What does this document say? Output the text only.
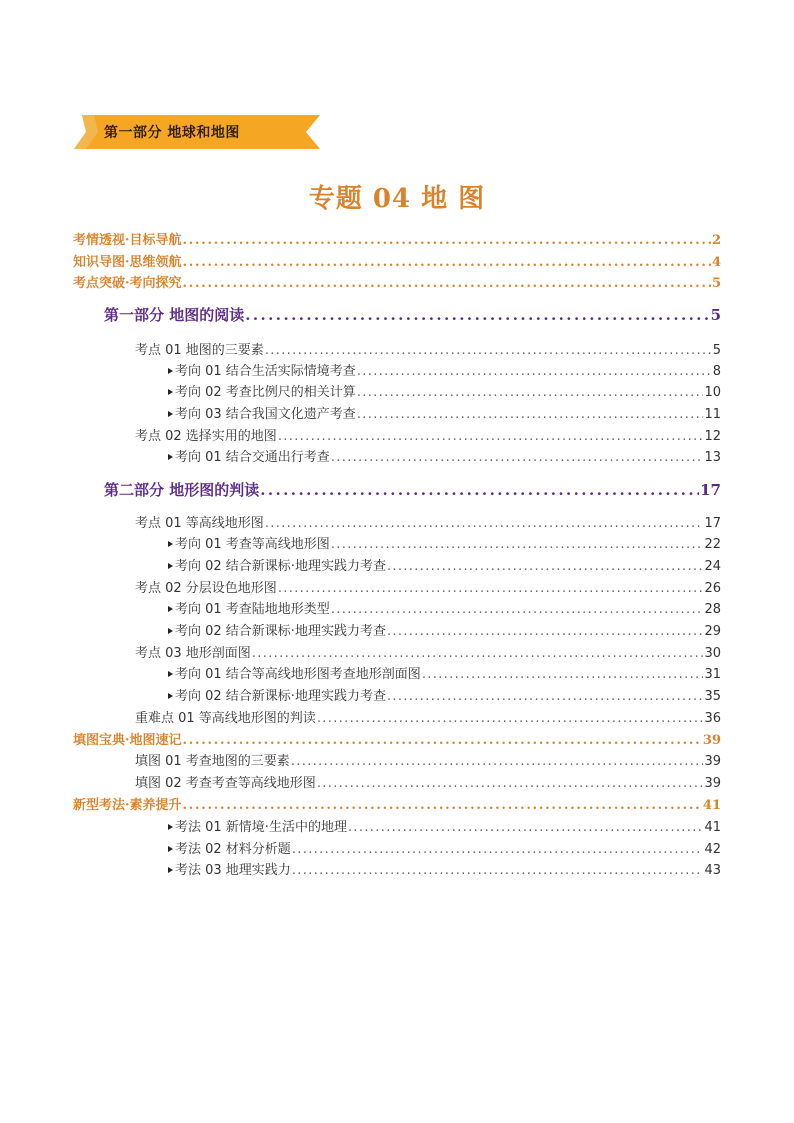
第一部分 地球和地图
专题 04 地 图
考情透视·目标导航 . . .	2
知识导图·思维领航 . . .	4
考点突破·考向探究 . . .	5
第一部分 地图的阅读 . . .	5
考点 01 地图的三要素 . . .	5
考向 01 结合生活实际情境考查 . . .	8
考向 02 考查比例尺的相关计算 . . .	10
考向 03 结合我国文化遗产考查 . . .	11
考点 02 选择实用的地图 . . .	12
考向 01 结合交通出行考查 . . .	13
第二部分 地形图的判读 . . .	17
考点 01 等高线地形图 . . .	17
考向 01 考查等高线地形图 . . .	22
考向 02 结合新课标·地理实践力考查 . . .	24
考点 02 分层设色地形图 . . .	26
考向 01 考查陆地地形类型 . . .	28
考向 02 结合新课标·地理实践力考查 . . .	29
考点 03 地形剖面图 . . .	30
考向 01 结合等高线地形图考查地形剖面图 . . .	31
考向 02 结合新课标·地理实践力考查 . . .	35
重难点 01 等高线地形图的判读 . . .	36
填图宝典·地图速记 . . .	39
填图 01 考查地图的三要素 . . .	39
填图 02 考查考查等高线地形图 . . .	39
新型考法·素养提升 . . .	41
考法 01 新情境·生活中的地理 . . .	41
考法 02 材料分析题 . . .	42
考法 03 地理实践力 . . .	43
